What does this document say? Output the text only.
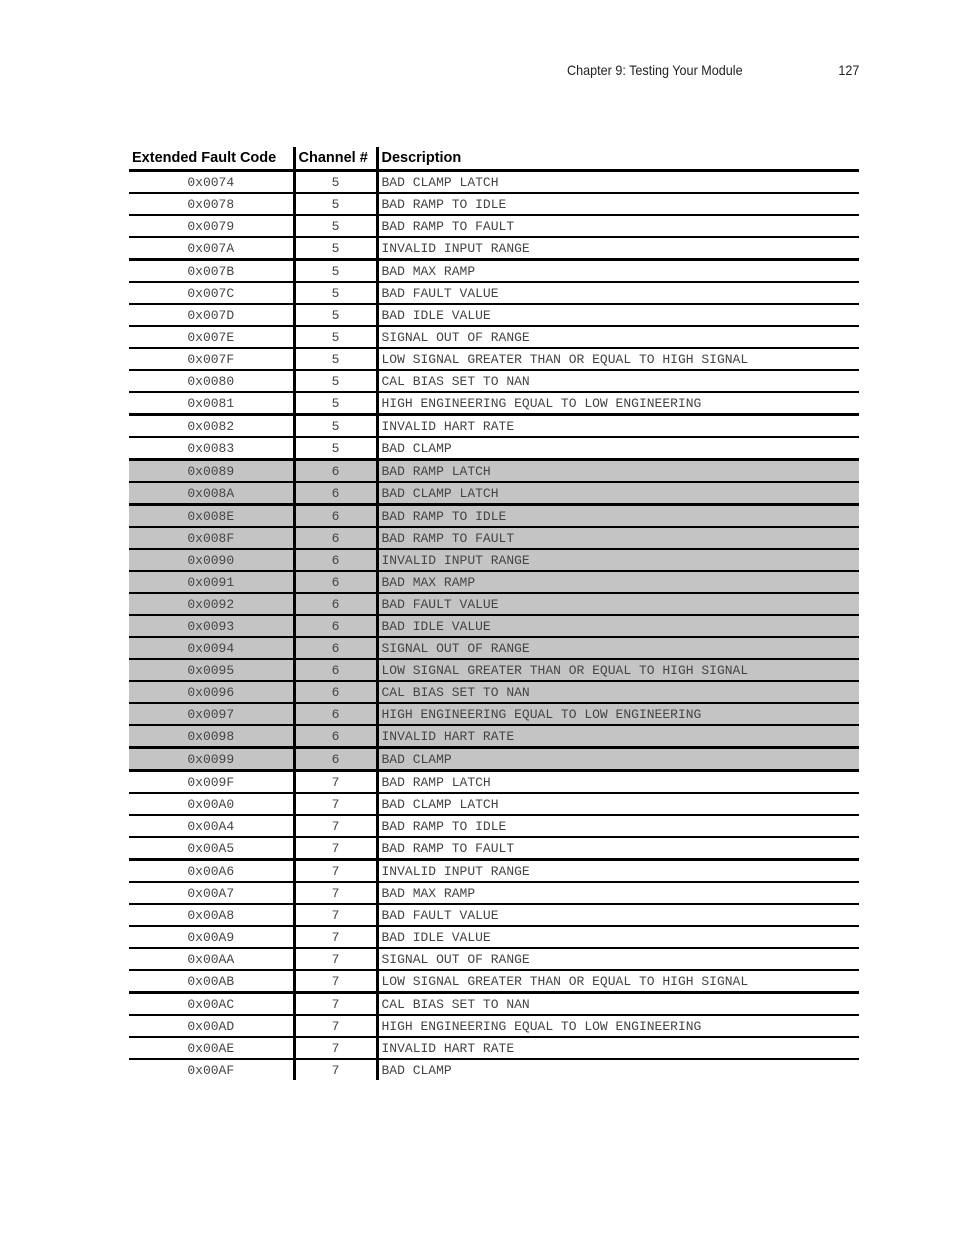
Chapter 9: Testing Your Module	127
Extended Fault Code	Channel #	Description
0x0074	5	BAD CLAMP LATCH
0x0078	5	BAD RAMP TO IDLE
0x0079	5	BAD RAMP TO FAULT
0x007A	5	INVALID INPUT RANGE
0x007B	5	BAD MAX RAMP
0x007C	5	BAD FAULT VALUE
0x007D	5	BAD IDLE VALUE
0x007E	5	SIGNAL OUT OF RANGE
0x007F	5	LOW SIGNAL GREATER THAN OR EQUAL TO HIGH SIGNAL
0x0080	5	CAL BIAS SET TO NAN
0x0081	5	HIGH ENGINEERING EQUAL TO LOW ENGINEERING
0x0082	5	INVALID HART RATE
0x0083	5	BAD CLAMP
0x0089	6	BAD RAMP LATCH
0x008A	6	BAD CLAMP LATCH
0x008E	6	BAD RAMP TO IDLE
0x008F	6	BAD RAMP TO FAULT
0x0090	6	INVALID INPUT RANGE
0x0091	6	BAD MAX RAMP
0x0092	6	BAD FAULT VALUE
0x0093	6	BAD IDLE VALUE
0x0094	6	SIGNAL OUT OF RANGE
0x0095	6	LOW SIGNAL GREATER THAN OR EQUAL TO HIGH SIGNAL
0x0096	6	CAL BIAS SET TO NAN
0x0097	6	HIGH ENGINEERING EQUAL TO LOW ENGINEERING
0x0098	6	INVALID HART RATE
0x0099	6	BAD CLAMP
0x009F	7	BAD RAMP LATCH
0x00A0	7	BAD CLAMP LATCH
0x00A4	7	BAD RAMP TO IDLE
0x00A5	7	BAD RAMP TO FAULT
0x00A6	7	INVALID INPUT RANGE
0x00A7	7	BAD MAX RAMP
0x00A8	7	BAD FAULT VALUE
0x00A9	7	BAD IDLE VALUE
0x00AA	7	SIGNAL OUT OF RANGE
0x00AB	7	LOW SIGNAL GREATER THAN OR EQUAL TO HIGH SIGNAL
0x00AC	7	CAL BIAS SET TO NAN
0x00AD	7	HIGH ENGINEERING EQUAL TO LOW ENGINEERING
0x00AE	7	INVALID HART RATE
0x00AF	7	BAD CLAMP
